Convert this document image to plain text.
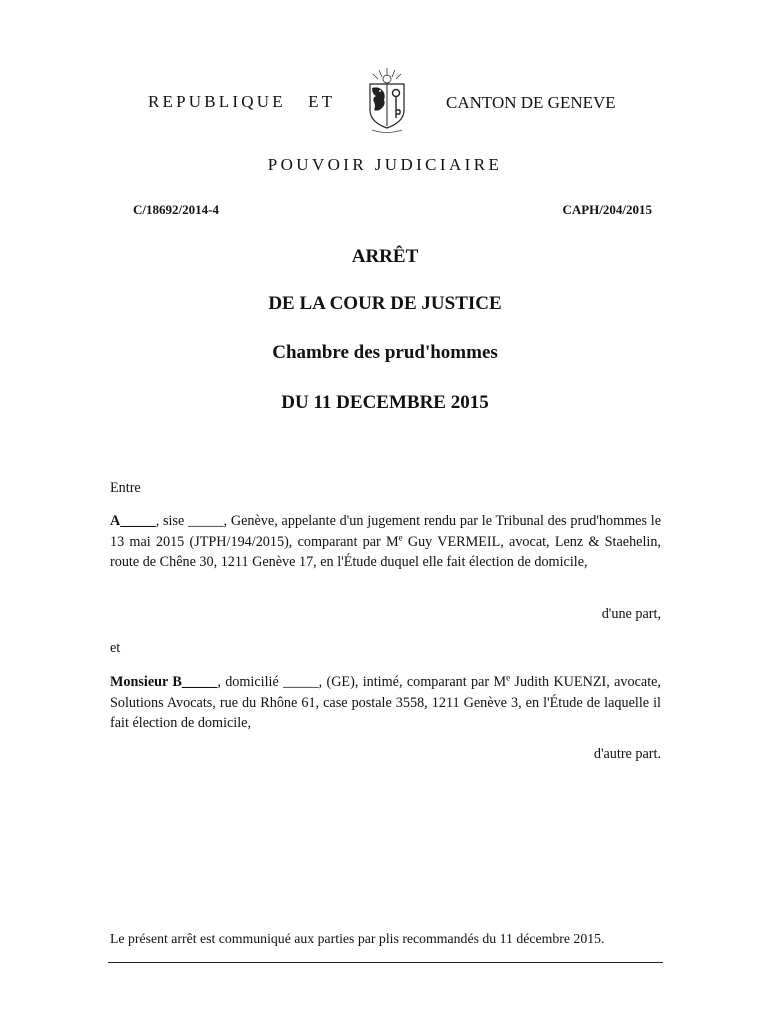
REPUBLIQUE   ET	CANTON DE GENEVE
POUVOIR JUDICIAIRE
C/18692/2014-4	CAPH/204/2015
ARRÊT
DE LA COUR DE JUSTICE
Chambre des prud'hommes
DU 11 DECEMBRE 2015
Entre
A_____, sise _____, Genève, appelante d'un jugement rendu par le Tribunal des prud'hommes le 13 mai 2015 (JTPH/194/2015), comparant par Me Guy VERMEIL, avocat, Lenz & Staehelin, route de Chêne 30, 1211 Genève 17, en l'Étude duquel elle fait élection de domicile,
d'une part,
et
Monsieur B_____, domicilié _____, (GE), intimé, comparant par Me Judith KUENZI, avocate, Solutions Avocats, rue du Rhône 61, case postale 3558, 1211 Genève 3, en l'Étude de laquelle il fait élection de domicile,
d'autre part.
Le présent arrêt est communiqué aux parties par plis recommandés du 11 décembre 2015.
